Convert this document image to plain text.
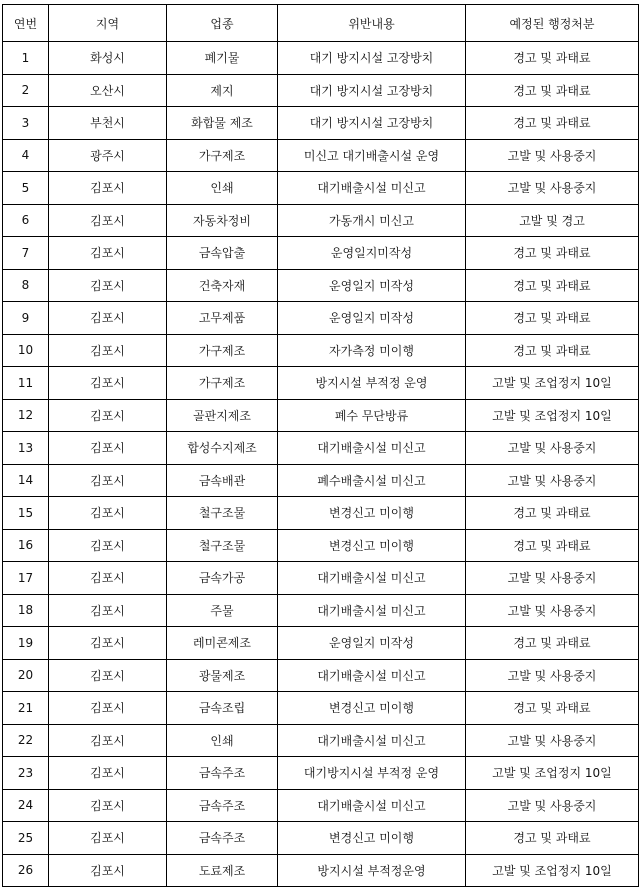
연번	지역	업종	위반내용	예정된 행정처분
1	화성시	폐기물	대기 방지시설 고장방치	경고 및 과태료
2	오산시	제지	대기 방지시설 고장방치	경고 및 과태료
3	부천시	화합물 제조	대기 방지시설 고장방치	경고 및 과태료
4	광주시	가구제조	미신고 대기배출시설 운영	고발 및 사용중지
5	김포시	인쇄	대기배출시설 미신고	고발 및 사용중지
6	김포시	자동차정비	가동개시 미신고	고발 및 경고
7	김포시	금속압출	운영일지미작성	경고 및 과태료
8	김포시	건축자재	운영일지 미작성	경고 및 과태료
9	김포시	고무제품	운영일지 미작성	경고 및 과태료
10	김포시	가구제조	자가측정 미이행	경고 및 과태료
11	김포시	가구제조	방지시설 부적정 운영	고발 및 조업정지 10일
12	김포시	골판지제조	폐수 무단방류	고발 및 조업정지 10일
13	김포시	합성수지제조	대기배출시설 미신고	고발 및 사용중지
14	김포시	금속배관	폐수배출시설 미신고	고발 및 사용중지
15	김포시	철구조물	변경신고 미이행	경고 및 과태료
16	김포시	철구조물	변경신고 미이행	경고 및 과태료
17	김포시	금속가공	대기배출시설 미신고	고발 및 사용중지
18	김포시	주물	대기배출시설 미신고	고발 및 사용중지
19	김포시	레미콘제조	운영일지 미작성	경고 및 과태료
20	김포시	광물제조	대기배출시설 미신고	고발 및 사용중지
21	김포시	금속조립	변경신고 미이행	경고 및 과태료
22	김포시	인쇄	대기배출시설 미신고	고발 및 사용중지
23	김포시	금속주조	대기방지시설 부적정 운영	고발 및 조업정지 10일
24	김포시	금속주조	대기배출시설 미신고	고발 및 사용중지
25	김포시	금속주조	변경신고 미이행	경고 및 과태료
26	김포시	도료제조	방지시설 부적정운영	고발 및 조업정지 10일
